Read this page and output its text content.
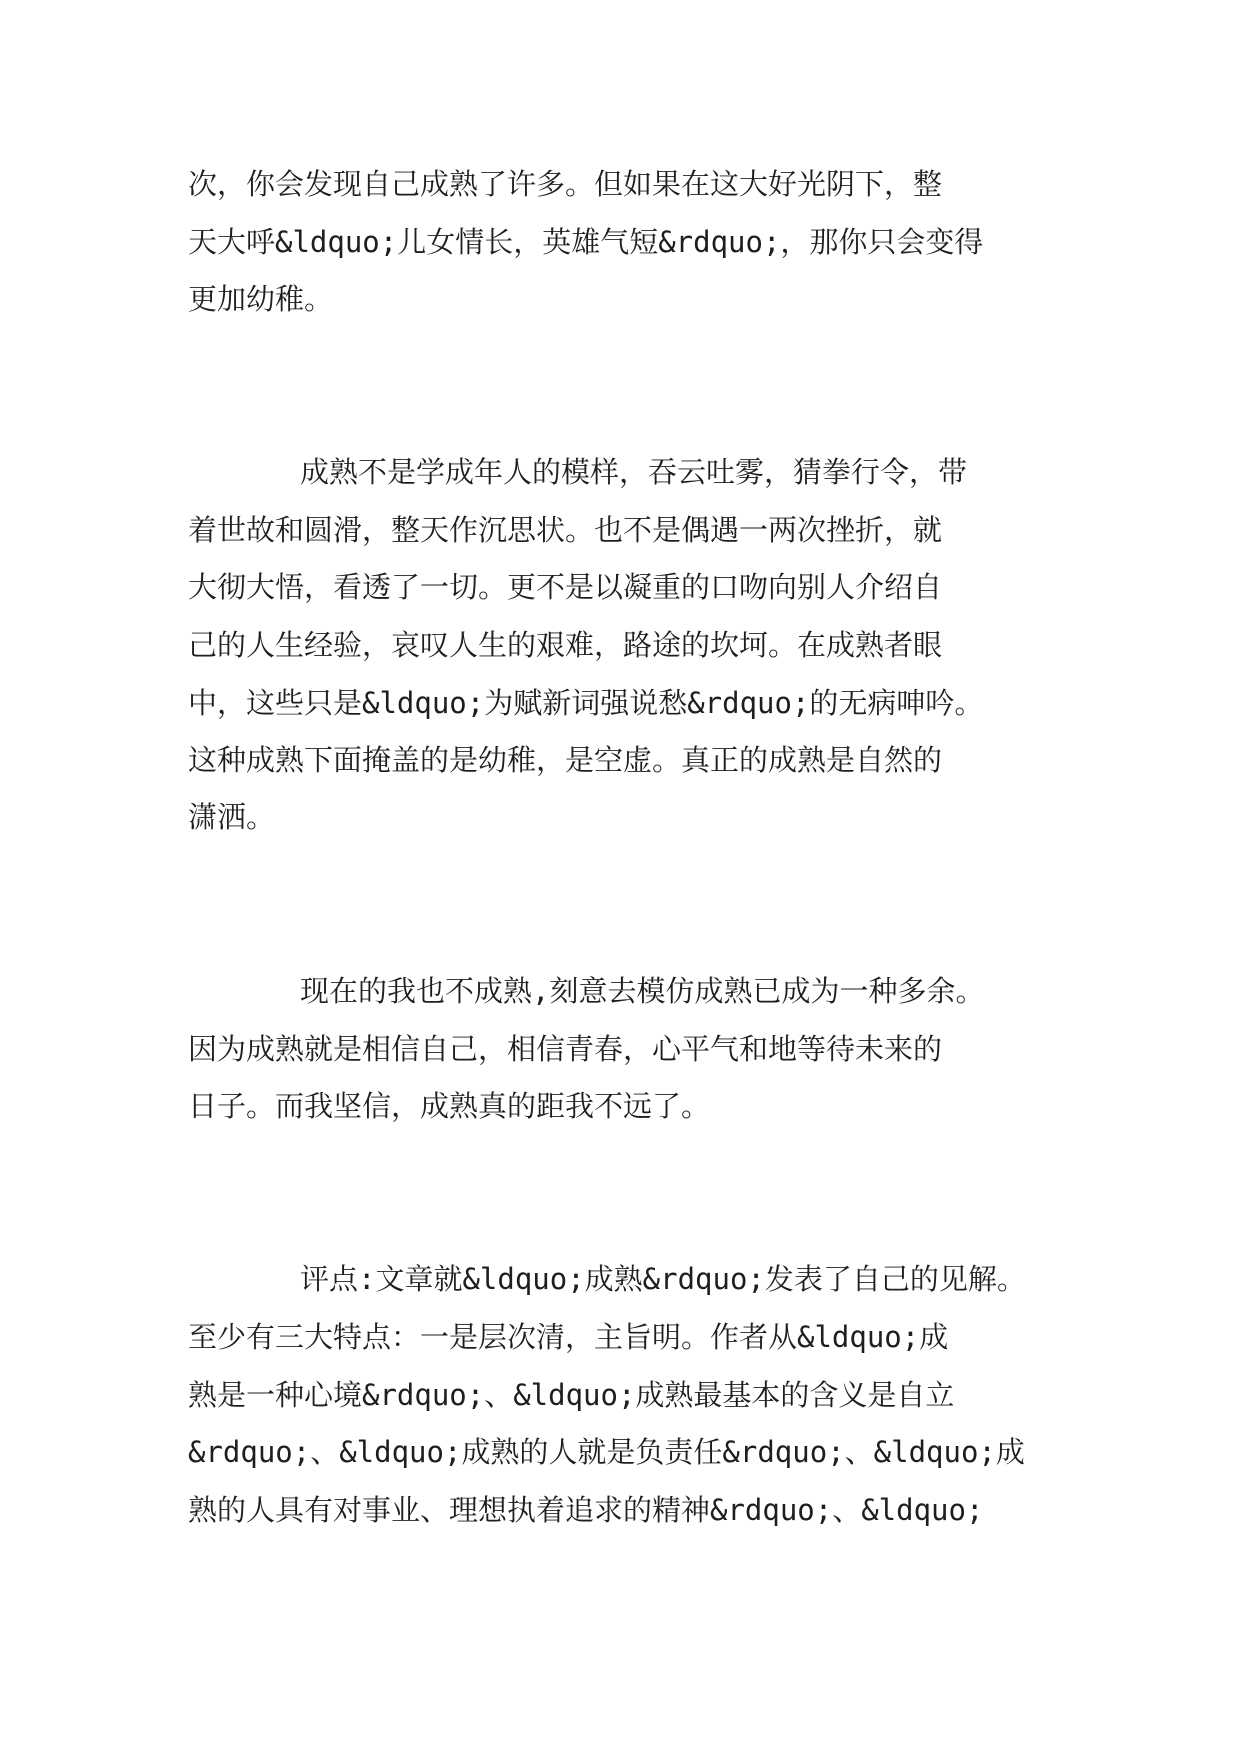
次，你会发现自己成熟了许多。但如果在这大好光阴下，整
天大呼&ldquo;儿女情长，英雄气短&rdquo;，那你只会变得
更加幼稚。
成熟不是学成年人的模样，吞云吐雾，猜拳行令，带
着世故和圆滑，整天作沉思状。也不是偶遇一两次挫折，就
大彻大悟，看透了一切。更不是以凝重的口吻向别人介绍自
己的人生经验，哀叹人生的艰难，路途的坎坷。在成熟者眼
中，这些只是&ldquo;为赋新词强说愁&rdquo;的无病呻吟。
这种成熟下面掩盖的是幼稚，是空虚。真正的成熟是自然的
潇洒。
现在的我也不成熟,刻意去模仿成熟已成为一种多余。
因为成熟就是相信自己，相信青春，心平气和地等待未来的
日子。而我坚信，成熟真的距我不远了。
评点:文章就&ldquo;成熟&rdquo;发表了自己的见解。
至少有三大特点：一是层次清，主旨明。作者从&ldquo;成
熟是一种心境&rdquo;、&ldquo;成熟最基本的含义是自立
&rdquo;、&ldquo;成熟的人就是负责任&rdquo;、&ldquo;成
熟的人具有对事业、理想执着追求的精神&rdquo;、&ldquo;
